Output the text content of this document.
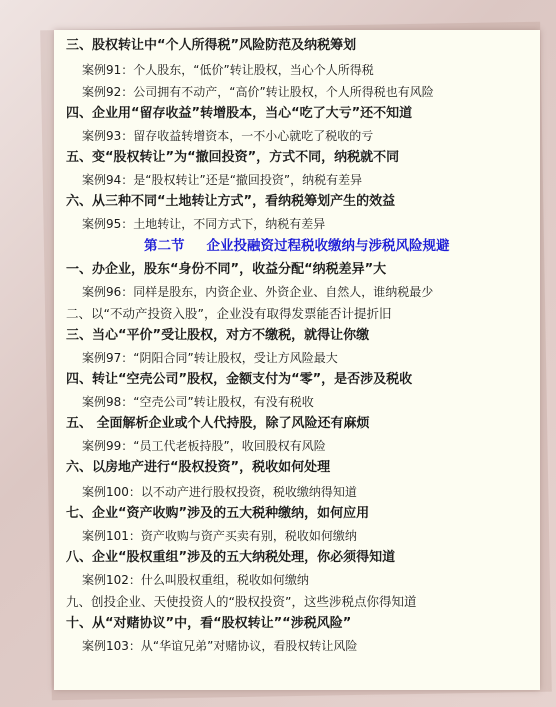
三、股权转让中“个人所得税”风险防范及纳税筹划
案例91：个人股东，“低价”转让股权，当心个人所得税
案例92：公司拥有不动产，“高价”转让股权，个人所得税也有风险
四、企业用“留存收益”转增股本，当心“吃了大亏”还不知道
案例93：留存收益转增资本，一不小心就吃了税收的亏
五、变“股权转让”为“撤回投资”，方式不同，纳税就不同
案例94：是“股权转让”还是“撤回投资”，纳税有差异
六、从三种不同“土地转让方式”，看纳税筹划产生的效益
案例95：土地转让，不同方式下，纳税有差异
第二节 企业投融资过程税收缴纳与涉税风险规避
一、办企业，股东“身份不同”，收益分配“纳税差异”大
案例96：同样是股东，内资企业、外资企业、自然人，谁纳税最少
二、以“不动产投资入股”，企业没有取得发票能否计提折旧
三、当心“平价”受让股权，对方不缴税，就得让你缴
案例97：“阴阳合同”转让股权，受让方风险最大
四、转让“空壳公司”股权，金额支付为“零”，是否涉及税收
案例98：“空壳公司”转让股权，有没有税收
五、 全面解析企业或个人代持股，除了风险还有麻烦
案例99：“员工代老板持股”，收回股权有风险
六、以房地产进行“股权投资”，税收如何处理
案例100：以不动产进行股权投资，税收缴纳得知道
七、企业“资产收购”涉及的五大税种缴纳，如何应用
案例101：资产收购与资产买卖有别，税收如何缴纳
八、企业“股权重组”涉及的五大纳税处理，你必须得知道
案例102：什么叫股权重组，税收如何缴纳
九、创投企业、天使投资人的“股权投资”，这些涉税点你得知道
十、从“对赌协议”中，看“股权转让”“涉税风险”
案例103：从“华谊兄弟”对赌协议，看股权转让风险
